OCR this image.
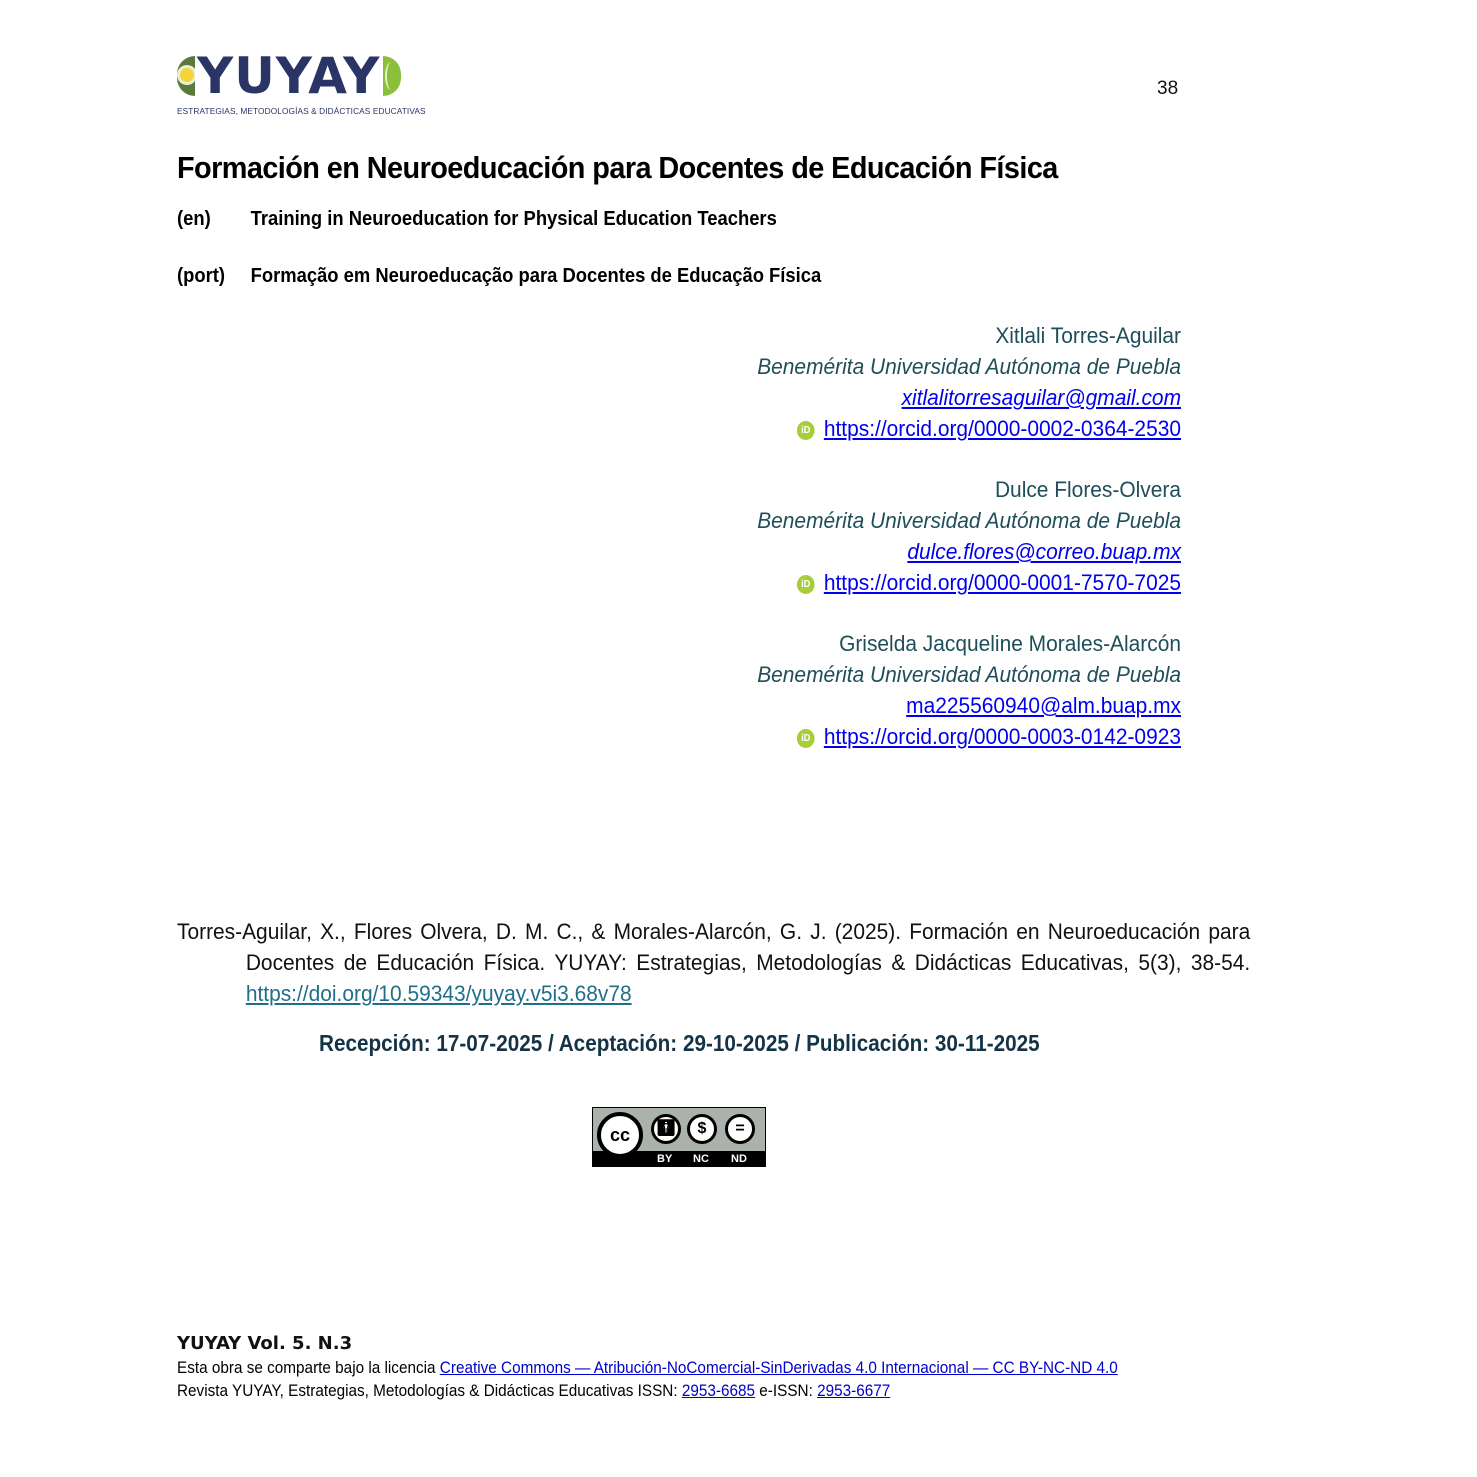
YUYAY
ESTRATEGIAS, METODOLOGÍAS & DIDÁCTICAS EDUCATIVAS
38
Formación en Neuroeducación para Docentes de Educación Física
(en) Training in Neuroeducation for Physical Education Teachers
(port) Formação em Neuroeducação para Docentes de Educação Física
Xitlali Torres-Aguilar
Benemérita Universidad Autónoma de Puebla
xitlalitorresaguilar@gmail.com
iD https://orcid.org/0000-0002-0364-2530
Dulce Flores-Olvera
Benemérita Universidad Autónoma de Puebla
dulce.flores@correo.buap.mx
iD https://orcid.org/0000-0001-7570-7025
Griselda Jacqueline Morales-Alarcón
Benemérita Universidad Autónoma de Puebla
ma225560940@alm.buap.mx
iD https://orcid.org/0000-0003-0142-0923

Torres-Aguilar, X., Flores Olvera, D. M. C., & Morales-Alarcón, G. J. (2025). Formación en Neuroeducación para Docentes de Educación Física. YUYAY: Estrategias, Metodologías & Didácticas Educativas, 5(3), 38-54. https://doi.org/10.59343/yuyay.v5i3.68v78

Recepción: 17-07-2025 / Aceptación: 29-10-2025 / Publicación: 30-11-2025
cc	🚹︎	$	=
BY NC ND
YUYAY Vol. 5. N.3
Esta obra se comparte bajo la licencia Creative Commons — Atribución-NoComercial-SinDerivadas 4.0 Internacional — CC BY-NC-ND 4.0
Revista YUYAY, Estrategias, Metodologías & Didácticas Educativas ISSN: 2953-6685 e-ISSN: 2953-6677
